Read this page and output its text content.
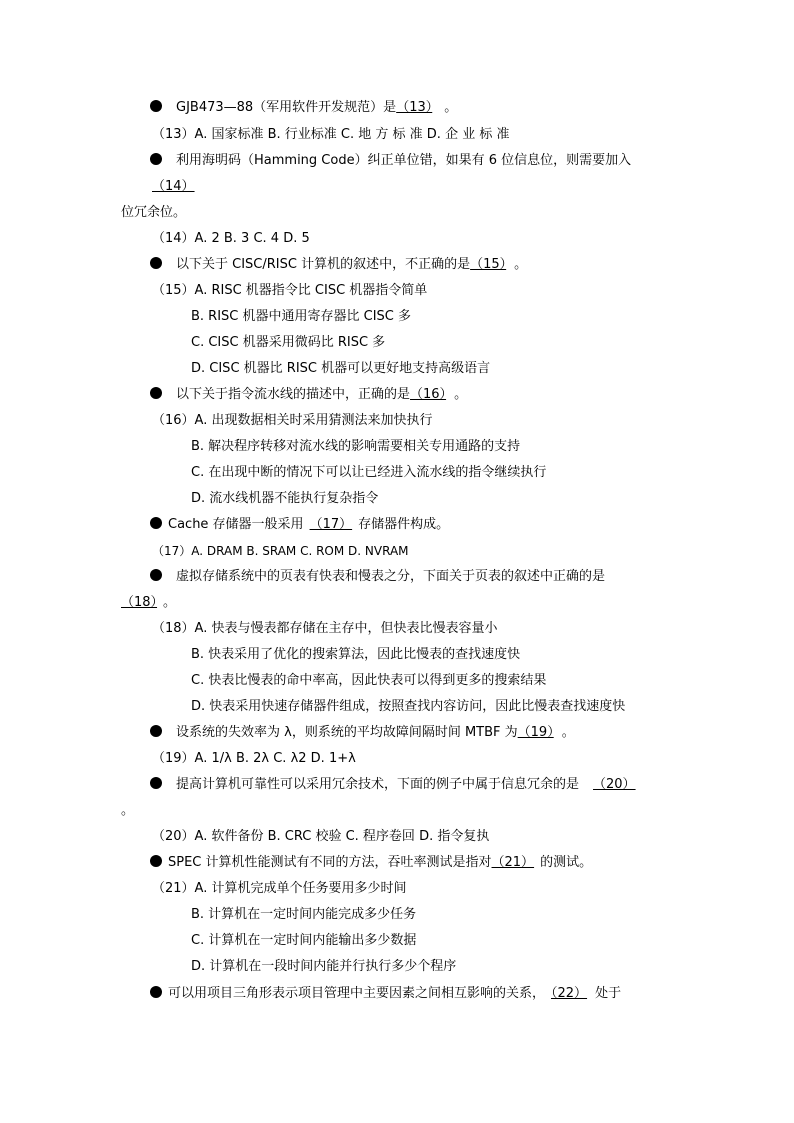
GJB473—88（军用软件开发规范）是（13） 。
（13）A. 国家标准 B. 行业标准 C. 地 方 标 准 D. 企 业 标 准
利用海明码（Hamming Code）纠正单位错，如果有 6 位信息位，则需要加入
（14）
位冗余位。
（14）A. 2 B. 3 C. 4 D. 5
以下关于 CISC/RISC 计算机的叙述中，不正确的是（15） 。
（15）A. RISC 机器指令比 CISC 机器指令简单
B. RISC 机器中通用寄存器比 CISC 多
C. CISC 机器采用微码比 RISC 多
D. CISC 机器比 RISC 机器可以更好地支持高级语言
以下关于指令流水线的描述中，正确的是（16） 。
（16）A. 出现数据相关时采用猜测法来加快执行
B. 解决程序转移对流水线的影响需要相关专用通路的支持
C. 在出现中断的情况下可以让已经进入流水线的指令继续执行
D. 流水线机器不能执行复杂指令
Cache 存储器一般采用 （17） 存储器件构成。
（17）A. DRAM B. SRAM C. ROM D. NVRAM
虚拟存储系统中的页表有快表和慢表之分，下面关于页表的叙述中正确的是
（18） 。
（18）A. 快表与慢表都存储在主存中，但快表比慢表容量小
B. 快表采用了优化的搜索算法，因此比慢表的查找速度快
C. 快表比慢表的命中率高，因此快表可以得到更多的搜索结果
D. 快表采用快速存储器件组成，按照查找内容访问，因此比慢表查找速度快
设系统的失效率为 λ，则系统的平均故障间隔时间 MTBF 为（19） 。
（19）A. 1/λ B. 2λ C. λ2 D. 1+λ
提高计算机可靠性可以采用冗余技术，下面的例子中属于信息冗余的是 （20）
。
（20）A. 软件备份 B. CRC 校验 C. 程序卷回 D. 指令复执
SPEC 计算机性能测试有不同的方法，吞吐率测试是指对（21） 的测试。
（21）A. 计算机完成单个任务要用多少时间
B. 计算机在一定时间内能完成多少任务
C. 计算机在一定时间内能输出多少数据
D. 计算机在一段时间内能并行执行多少个程序
可以用项目三角形表示项目管理中主要因素之间相互影响的关系， （22） 处于
